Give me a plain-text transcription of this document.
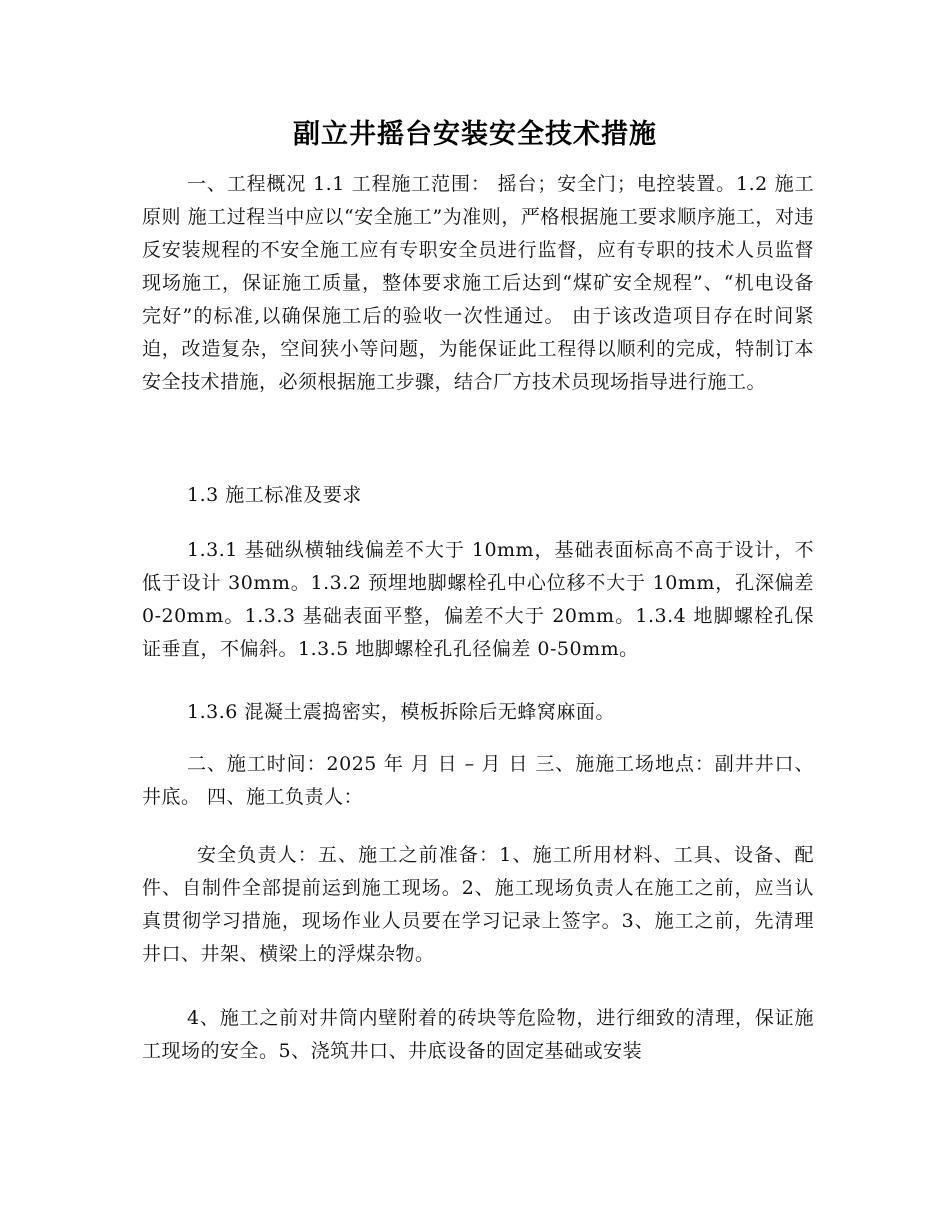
副立井摇台安装安全技术措施
一、工程概况 1.1 工程施工范围： 摇台；安全门；电控装置。1.2 施工原则 施工过程当中应以“安全施工”为准则，严格根据施工要求顺序施工，对违反安装规程的不安全施工应有专职安全员进行监督，应有专职的技术人员监督现场施工，保证施工质量，整体要求施工后达到“煤矿安全规程”、“机电设备完好”的标准,以确保施工后的验收一次性通过。 由于该改造项目存在时间紧迫，改造复杂，空间狭小等问题，为能保证此工程得以顺利的完成，特制订本安全技术措施，必须根据施工步骤，结合厂方技术员现场指导进行施工。
1.3 施工标准及要求
1.3.1 基础纵横轴线偏差不大于 10mm，基础表面标高不高于设计，不低于设计 30mm。1.3.2 预埋地脚螺栓孔中心位移不大于 10mm，孔深偏差 0-20mm。1.3.3 基础表面平整，偏差不大于 20mm。1.3.4 地脚螺栓孔保证垂直，不偏斜。1.3.5 地脚螺栓孔孔径偏差 0-50mm。
1.3.6 混凝土震捣密实，模板拆除后无蜂窝麻面。
二、施工时间：2025 年 月 日 – 月 日 三、施施工场地点：副井井口、井底。 四、施工负责人：
安全负责人：五、施工之前准备：1、施工所用材料、工具、设备、配件、自制件全部提前运到施工现场。2、施工现场负责人在施工之前，应当认真贯彻学习措施，现场作业人员要在学习记录上签字。3、施工之前，先清理井口、井架、横梁上的浮煤杂物。
4、施工之前对井筒内壁附着的砖块等危险物，进行细致的清理，保证施工现场的安全。5、浇筑井口、井底设备的固定基础或安装
